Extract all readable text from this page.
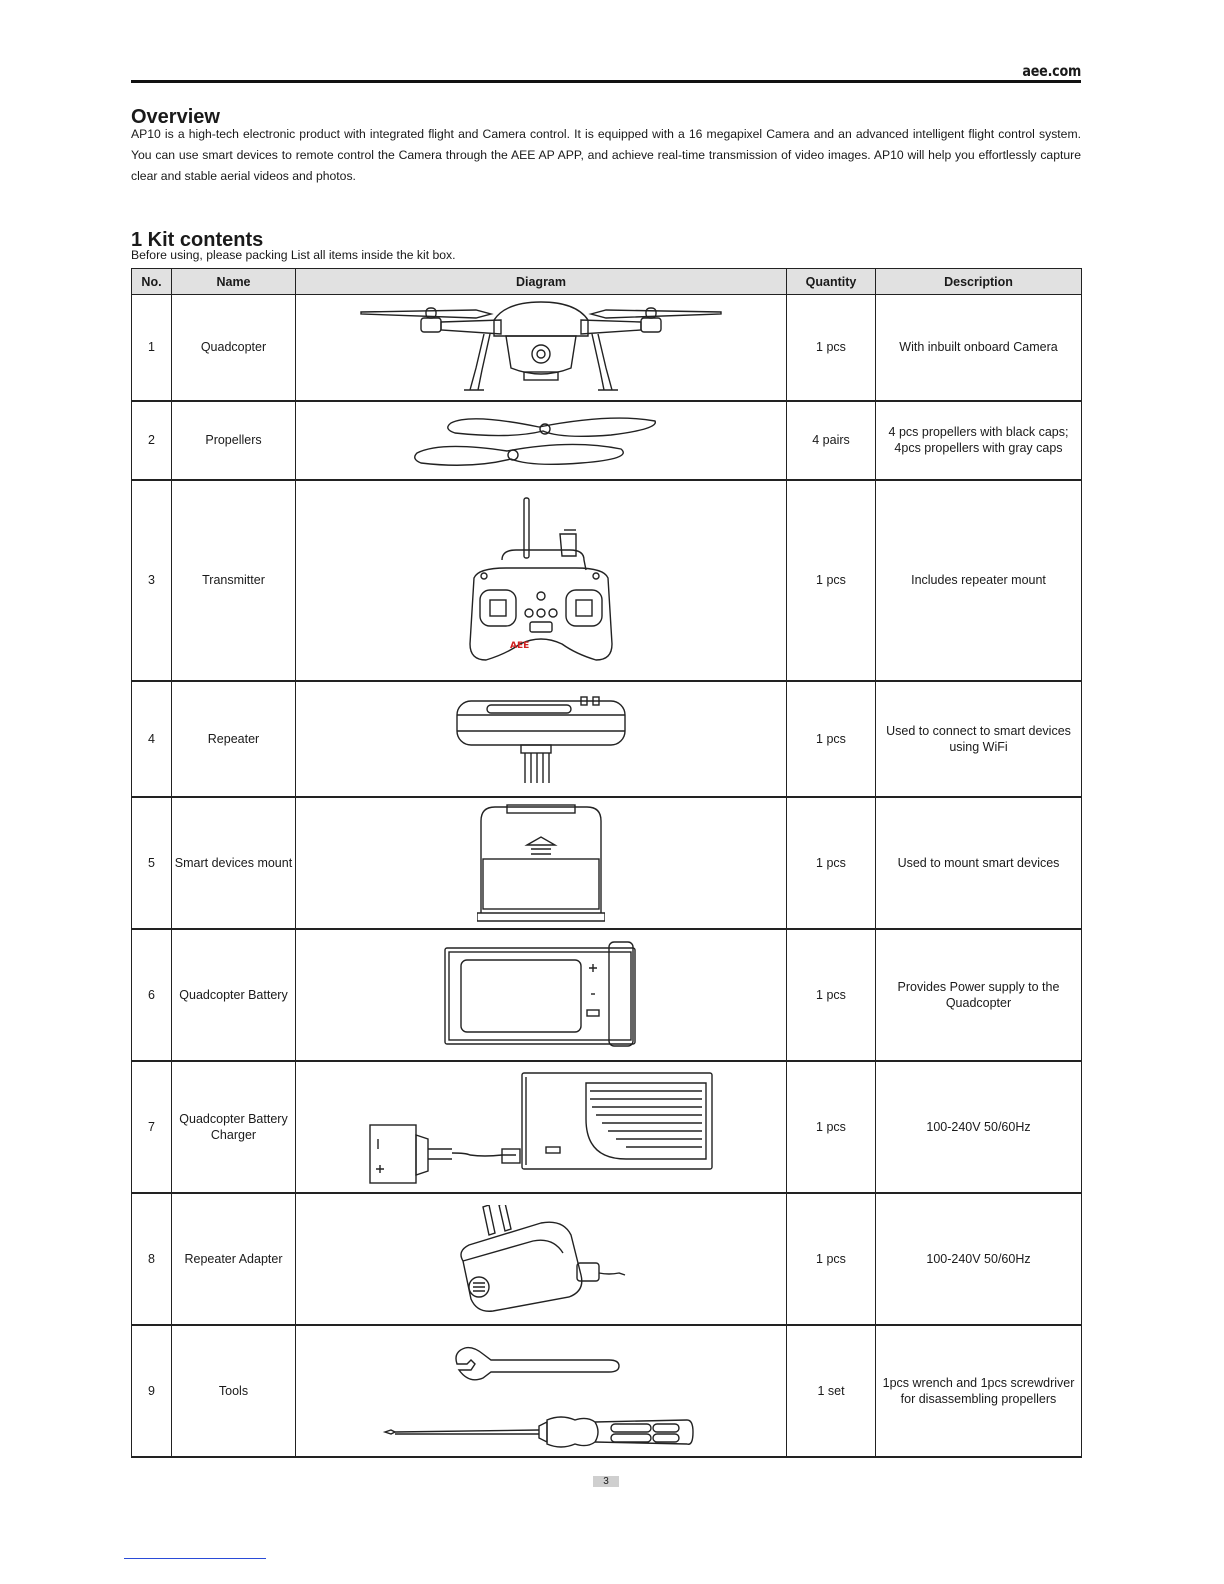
aee.com
Overview
AP10 is a high-tech electronic product with integrated flight and Camera control. It is equipped with a 16 megapixel Camera and an advanced intelligent flight control system. You can use smart devices to remote control the Camera through the AEE AP APP, and achieve real-time transmission of video images. AP10 will help you effortlessly capture clear and stable aerial videos and photos.
1 Kit contents
Before using, please packing List all items inside the kit box.
No.	Name	Diagram	Quantity	Description
1	Quadcopter		1 pcs	With inbuilt onboard Camera
2	Propellers		4 pairs	4 pcs propellers with black caps; 4pcs propellers with gray caps
3	Transmitter	AEE	1 pcs	Includes repeater mount
4	Repeater		1 pcs	Used to connect to smart devices using WiFi
5	Smart devices mount		1 pcs	Used to mount smart devices
6	Quadcopter Battery		1 pcs	Provides Power supply to the Quadcopter
7	Quadcopter Battery Charger		1 pcs	100-240V 50/60Hz
8	Repeater Adapter		1 pcs	100-240V 50/60Hz
9	Tools		1 set	1pcs wrench and 1pcs screwdriver for disassembling propellers
3
